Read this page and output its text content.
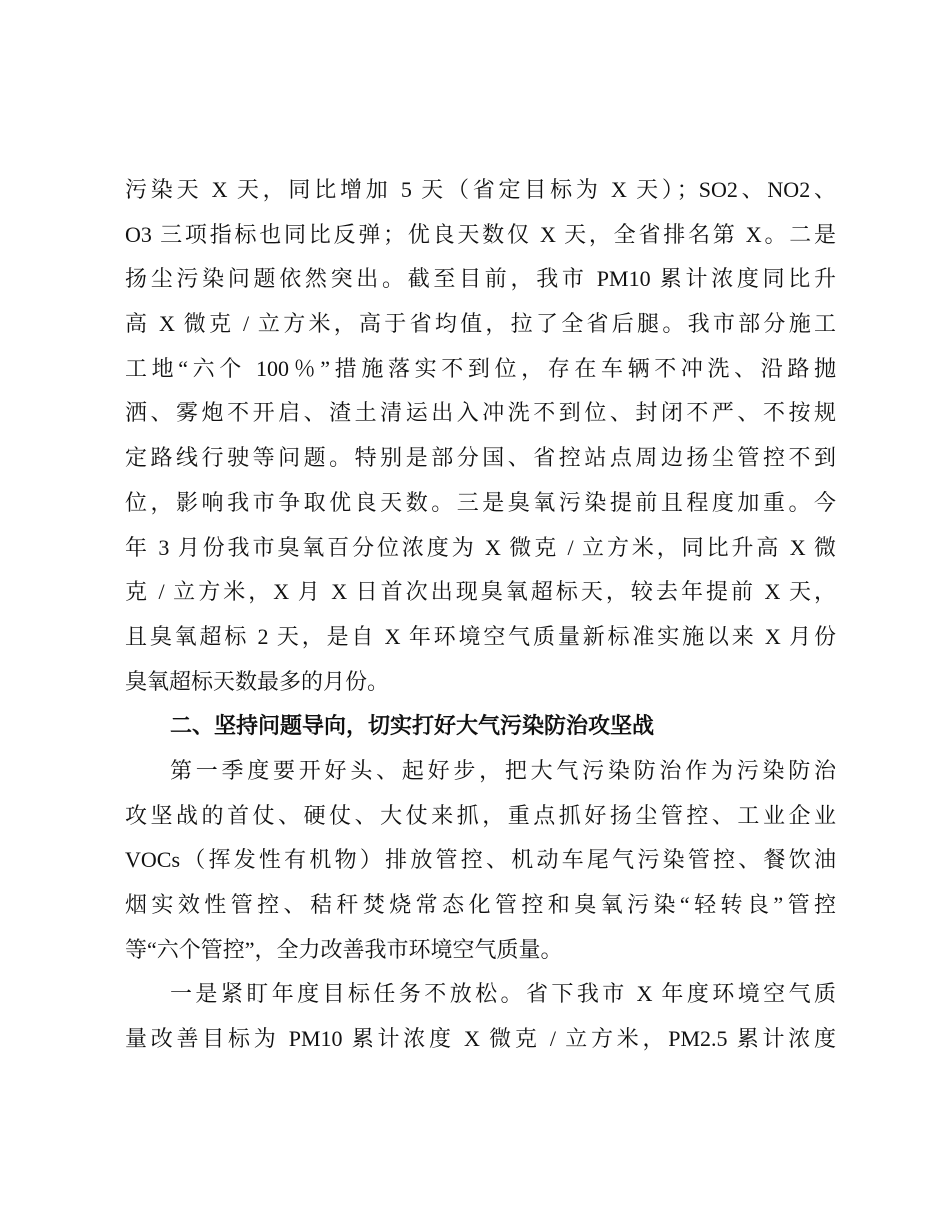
污染天 X 天，同比增加 5 天（省定目标为 X 天）；SO2、NO2、
O3 三项指标也同比反弹；优良天数仅 X 天，全省排名第 X。二是
扬尘污染问题依然突出。截至目前，我市 PM10 累计浓度同比升
高 X 微克 / 立方米，高于省均值，拉了全省后腿。我市部分施工
工地“六个 100％”措施落实不到位，存在车辆不冲洗、沿路抛
洒、雾炮不开启、渣土清运出入冲洗不到位、封闭不严、不按规
定路线行驶等问题。特别是部分国、省控站点周边扬尘管控不到
位，影响我市争取优良天数。三是臭氧污染提前且程度加重。今
年 3 月份我市臭氧百分位浓度为 X 微克 / 立方米，同比升高 X 微
克 / 立方米，X 月 X 日首次出现臭氧超标天，较去年提前 X 天，
且臭氧超标 2 天，是自 X 年环境空气质量新标准实施以来 X 月份
臭氧超标天数最多的月份。
二、坚持问题导向，切实打好大气污染防治攻坚战
第一季度要开好头、起好步，把大气污染防治作为污染防治
攻坚战的首仗、硬仗、大仗来抓，重点抓好扬尘管控、工业企业
VOCs（挥发性有机物）排放管控、机动车尾气污染管控、餐饮油
烟实效性管控、秸秆焚烧常态化管控和臭氧污染“轻转良”管控
等“六个管控”，全力改善我市环境空气质量。
一是紧盯年度目标任务不放松。省下我市 X 年度环境空气质
量改善目标为 PM10 累计浓度 X 微克 / 立方米，PM2.5 累计浓度
